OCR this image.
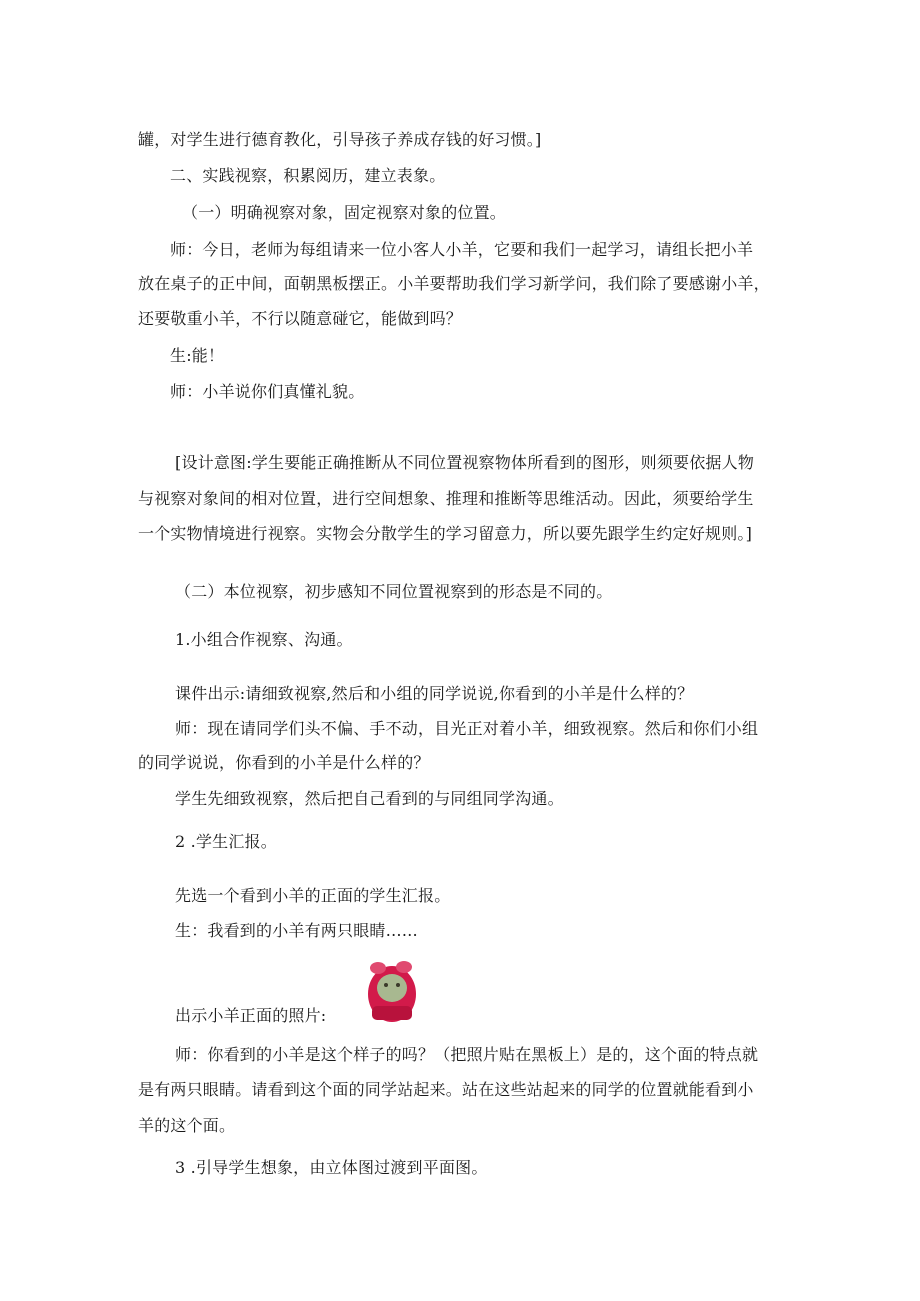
罐，对学生进行德育教化，引导孩子养成存钱的好习惯。]
二、实践视察，积累阅历，建立表象。
（一）明确视察对象，固定视察对象的位置。
师：今日，老师为每组请来一位小客人小羊，它要和我们一起学习，请组长把小羊
放在桌子的正中间，面朝黑板摆正。小羊要帮助我们学习新学问，我们除了要感谢小羊，
还要敬重小羊，不行以随意碰它，能做到吗？
生:能！
师：小羊说你们真懂礼貌。
[设计意图:学生要能正确推断从不同位置视察物体所看到的图形，则须要依据人物
与视察对象间的相对位置，进行空间想象、推理和推断等思维活动。因此，须要给学生
一个实物情境进行视察。实物会分散学生的学习留意力，所以要先跟学生约定好规则。]
（二）本位视察，初步感知不同位置视察到的形态是不同的。
1.小组合作视察、沟通。
课件出示:请细致视察,然后和小组的同学说说,你看到的小羊是什么样的？
师：现在请同学们头不偏、手不动，目光正对着小羊，细致视察。然后和你们小组
的同学说说，你看到的小羊是什么样的？
学生先细致视察，然后把自己看到的与同组同学沟通。
2 .学生汇报。
先选一个看到小羊的正面的学生汇报。
生：我看到的小羊有两只眼睛……
出示小羊正面的照片:
师：你看到的小羊是这个样子的吗？（把照片贴在黑板上）是的，这个面的特点就
是有两只眼睛。请看到这个面的同学站起来。站在这些站起来的同学的位置就能看到小
羊的这个面。
3 .引导学生想象，由立体图过渡到平面图。
